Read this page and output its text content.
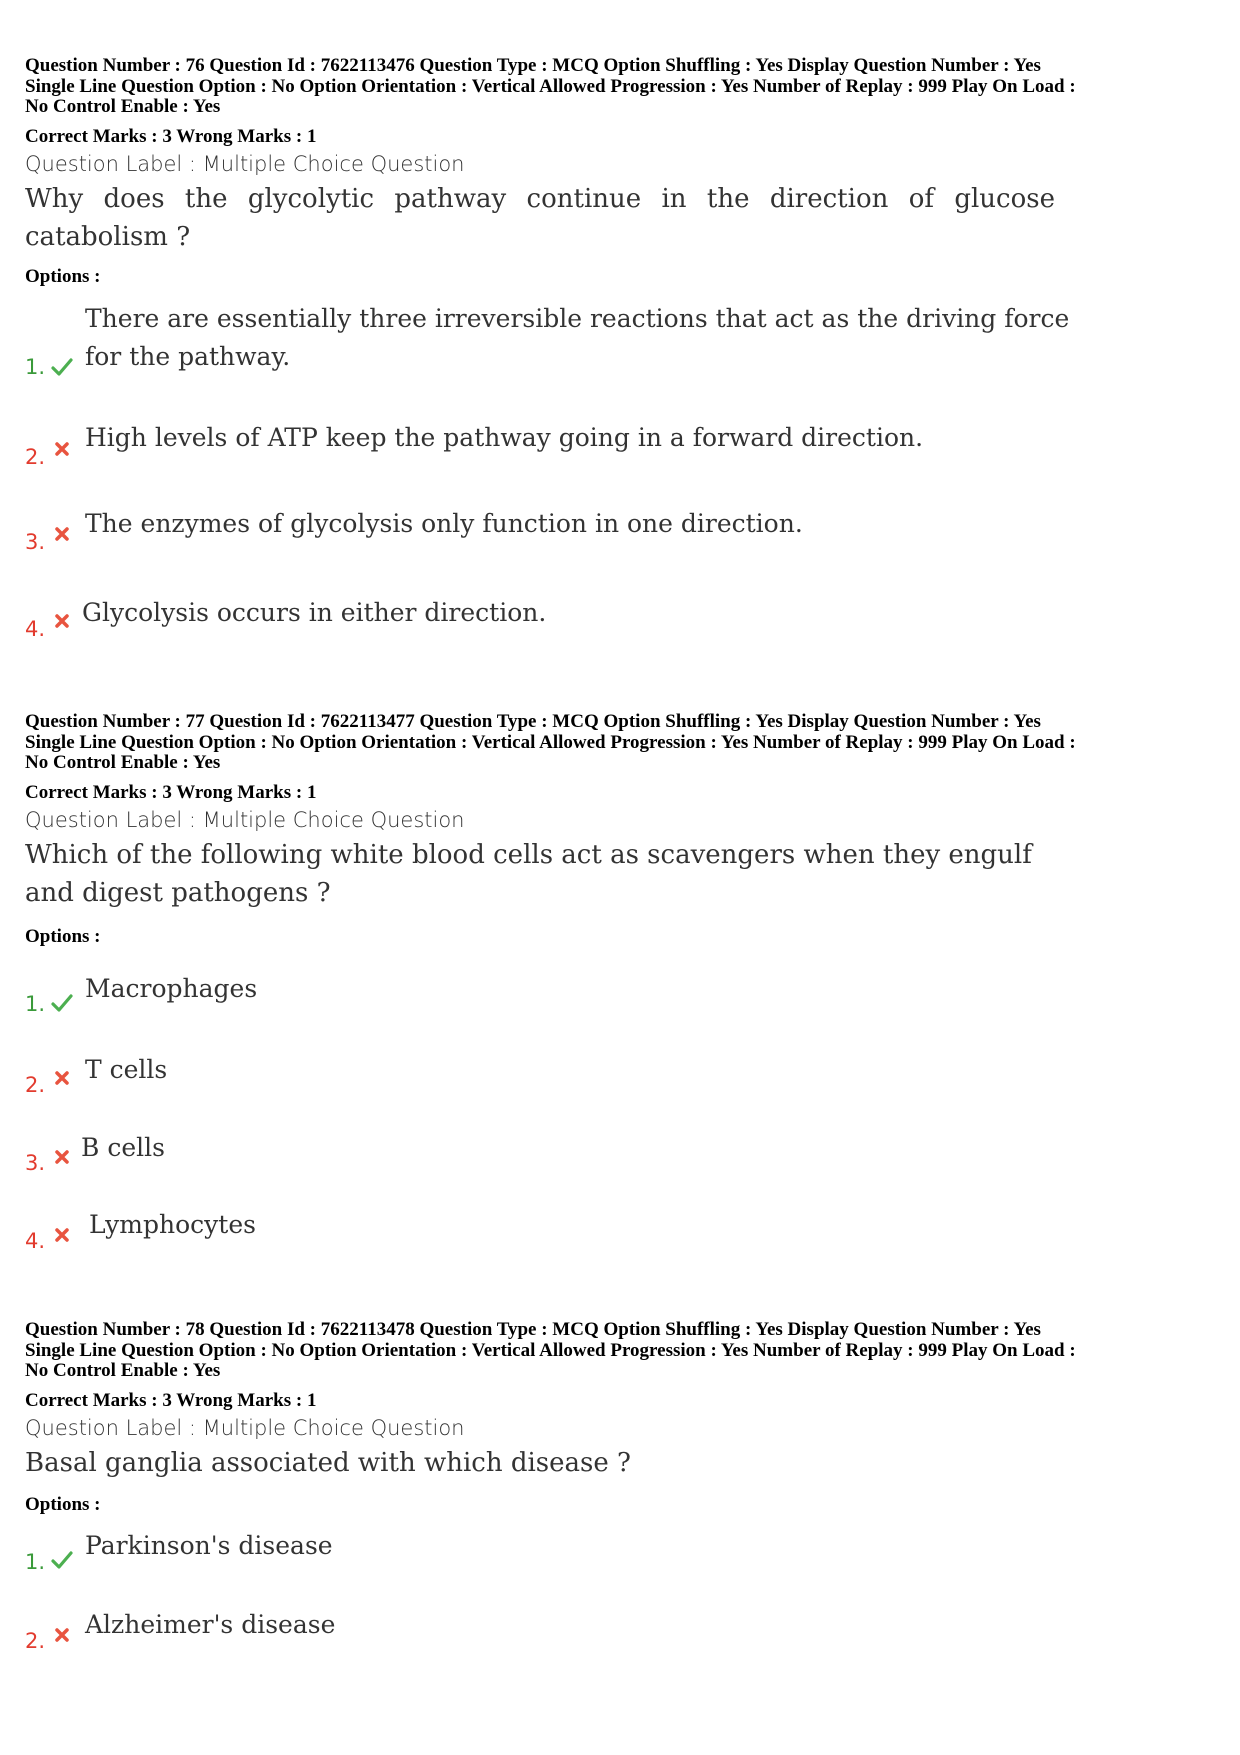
Question Number : 76 Question Id : 7622113476 Question Type : MCQ Option Shuffling : Yes Display Question Number : Yes
Single Line Question Option : No Option Orientation : Vertical Allowed Progression : Yes Number of Replay : 999 Play On Load :
No Control Enable : Yes
Correct Marks : 3 Wrong Marks : 1
Question Label : Multiple Choice Question
Why does the glycolytic pathway continue in the direction of glucose catabolism ?
Options :
1.
There are essentially three irreversible reactions that act as the driving force for the pathway.
2.
High levels of ATP keep the pathway going in a forward direction.
3.
The enzymes of glycolysis only function in one direction.
4.
Glycolysis occurs in either direction.
Question Number : 77 Question Id : 7622113477 Question Type : MCQ Option Shuffling : Yes Display Question Number : Yes
Single Line Question Option : No Option Orientation : Vertical Allowed Progression : Yes Number of Replay : 999 Play On Load :
No Control Enable : Yes
Correct Marks : 3 Wrong Marks : 1
Question Label : Multiple Choice Question
Which of the following white blood cells act as scavengers when they engulf and digest pathogens ?
Options :
1.
Macrophages
2.
T cells
3.
B cells
4.
Lymphocytes
Question Number : 78 Question Id : 7622113478 Question Type : MCQ Option Shuffling : Yes Display Question Number : Yes
Single Line Question Option : No Option Orientation : Vertical Allowed Progression : Yes Number of Replay : 999 Play On Load :
No Control Enable : Yes
Correct Marks : 3 Wrong Marks : 1
Question Label : Multiple Choice Question
Basal ganglia associated with which disease ?
Options :
1.
Parkinson's disease
2.
Alzheimer's disease
